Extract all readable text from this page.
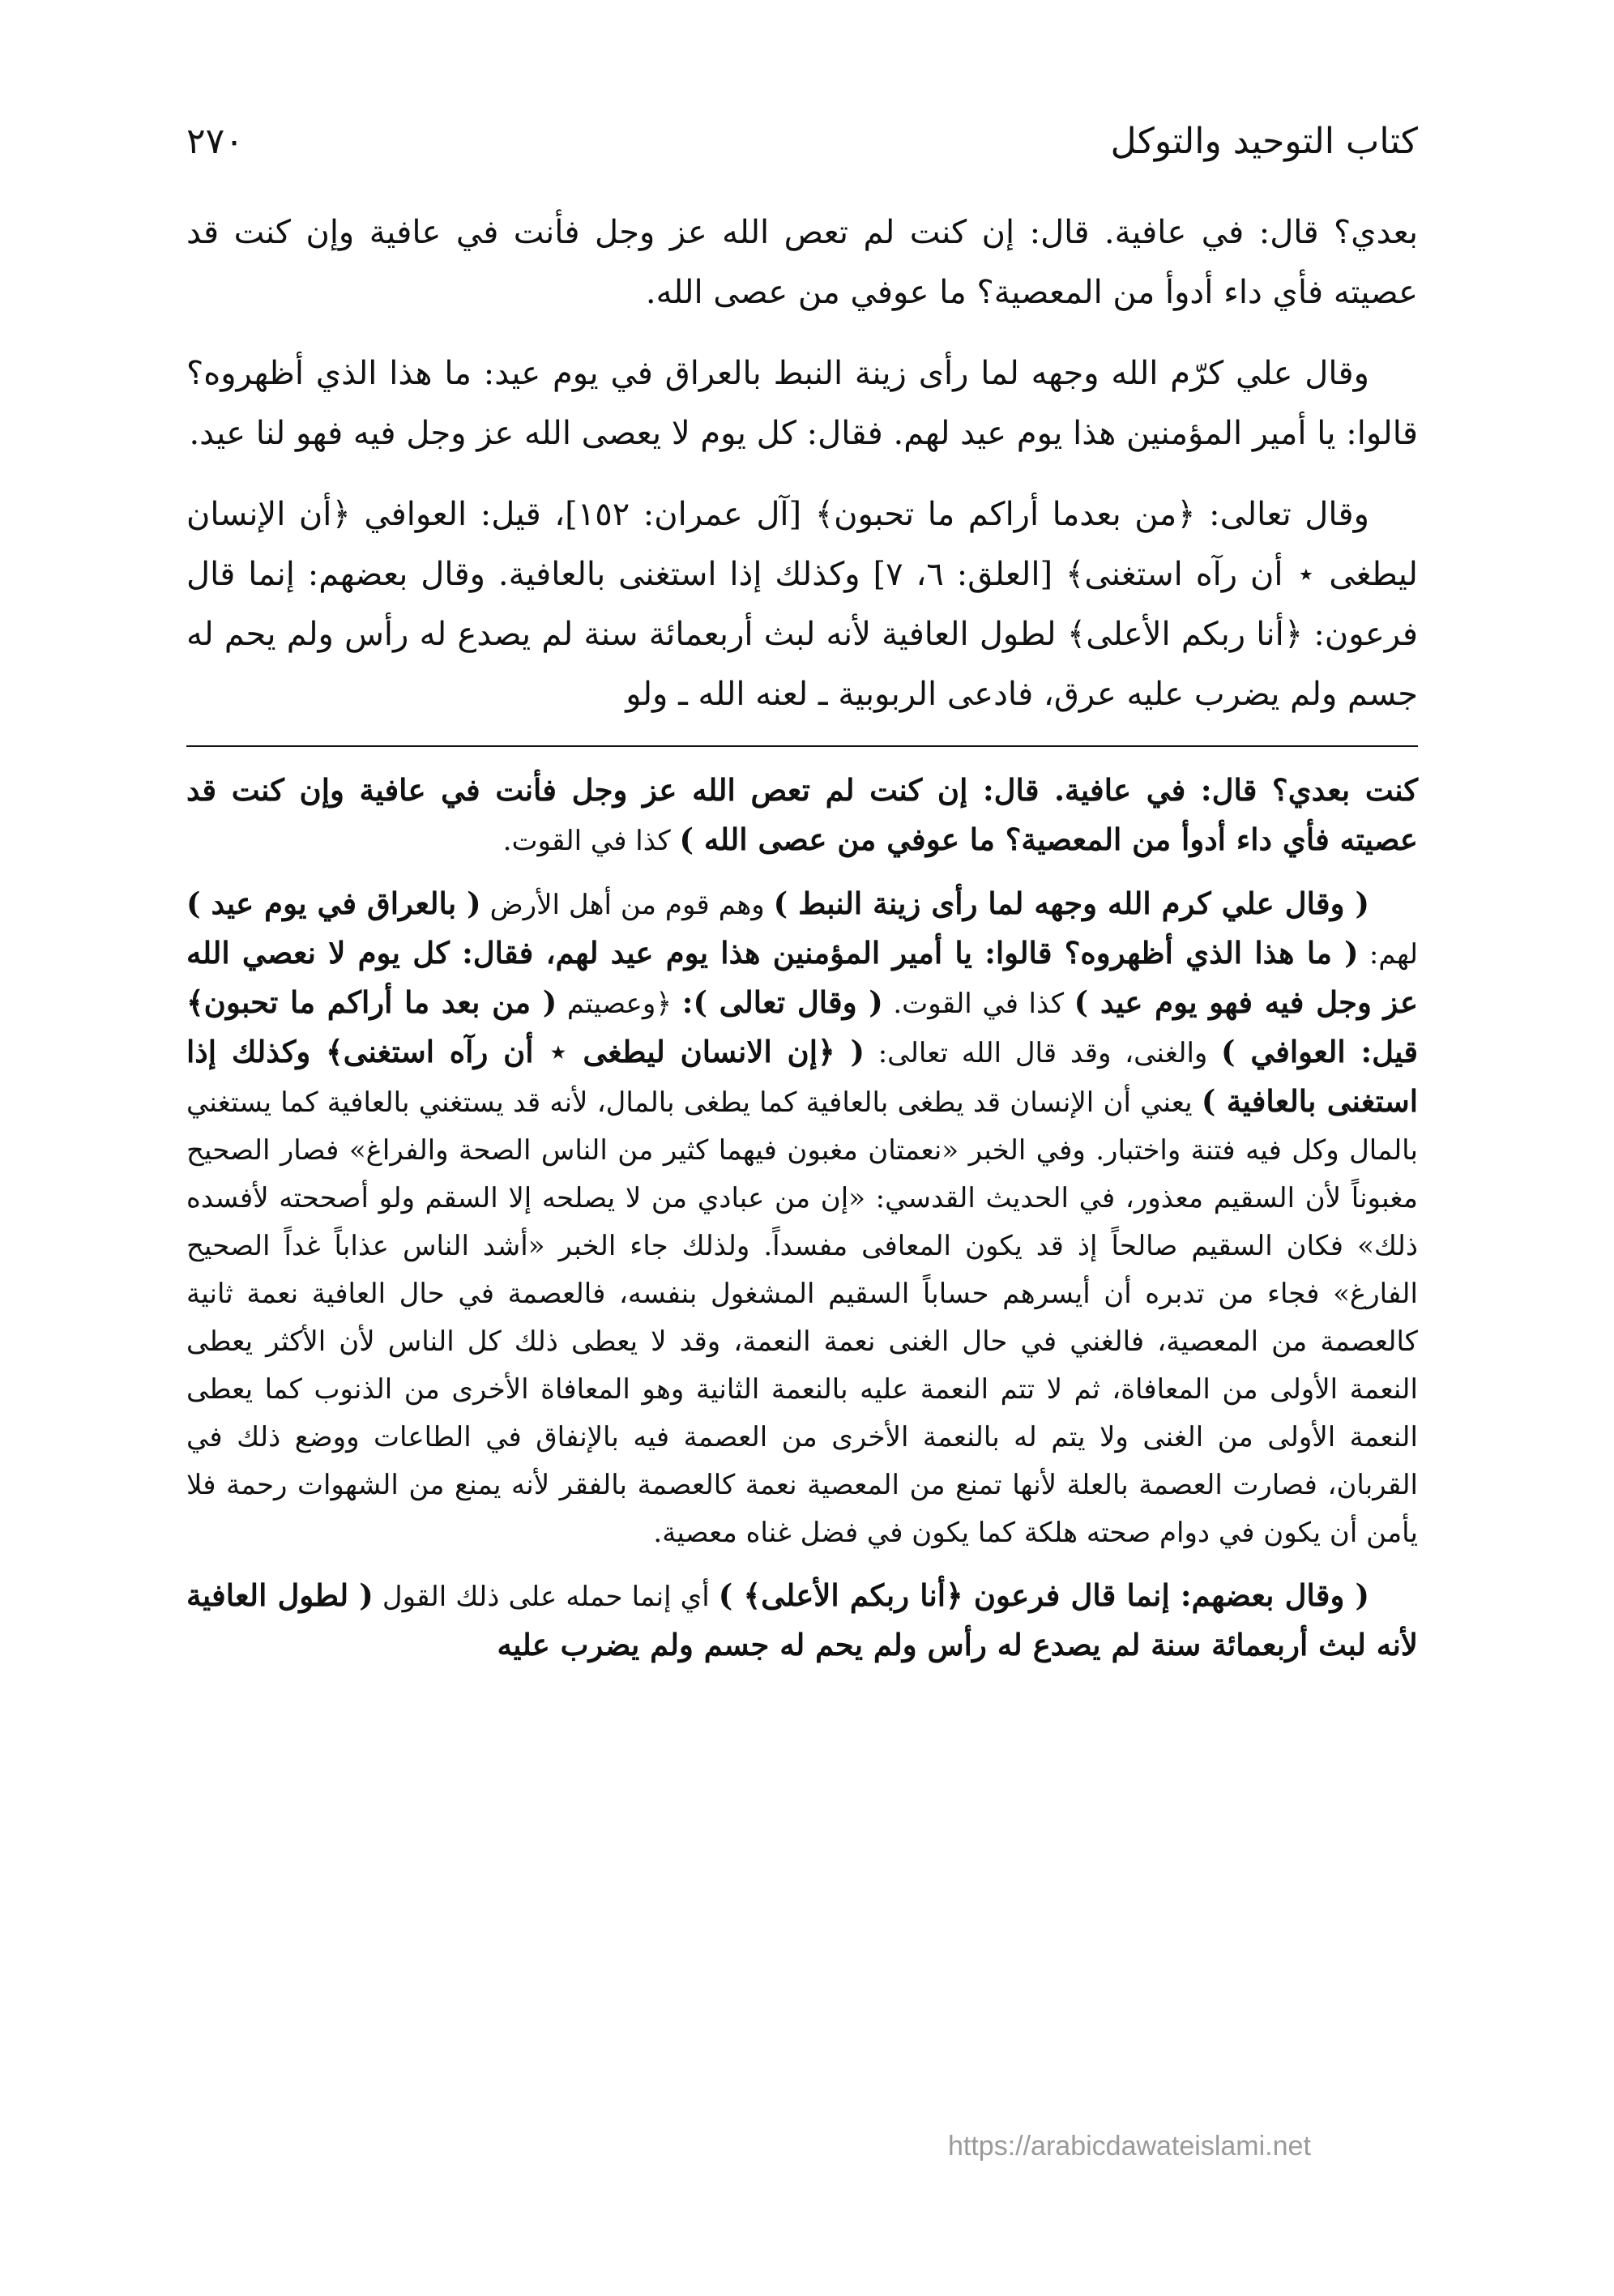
كتاب التوحيد والتوكل
٢٧٠

بعدي؟ قال: في عافية. قال: إن كنت لم تعص الله عز وجل فأنت في عافية وإن كنت قد عصيته فأي داء أدوأ من المعصية؟ ما عوفي من عصى الله.

وقال علي كرّم الله وجهه لما رأى زينة النبط بالعراق في يوم عيد: ما هذا الذي أظهروه؟ قالوا: يا أمير المؤمنين هذا يوم عيد لهم. فقال: كل يوم لا يعصى الله عز وجل فيه فهو لنا عيد.

وقال تعالى: ﴿من بعدما أراكم ما تحبون﴾ [آل عمران: ١٥٢]، قيل: العوافي ﴿أن الإنسان ليطغى ⋆ أن رآه استغنى﴾ [العلق: ٦، ٧] وكذلك إذا استغنى بالعافية. وقال بعضهم: إنما قال فرعون: ﴿أنا ربكم الأعلى﴾ لطول العافية لأنه لبث أربعمائة سنة لم يصدع له رأس ولم يحم له جسم ولم يضرب عليه عرق، فادعى الربوبية ـ لعنه الله ـ ولو

كنت بعدي؟ قال: في عافية. قال: إن كنت لم تعص الله عز وجل فأنت في عافية وإن كنت قد عصيته فأي داء أدوأ من المعصية؟ ما عوفي من عصى الله ) كذا في القوت.

( وقال علي كرم الله وجهه لما رأى زينة النبط ) وهم قوم من أهل الأرض ( بالعراق في يوم عيد ) لهم: ( ما هذا الذي أظهروه؟ قالوا: يا أمير المؤمنين هذا يوم عيد لهم، فقال: كل يوم لا نعصي الله عز وجل فيه فهو يوم عيد ) كذا في القوت. ( وقال تعالى ): ﴿وعصيتم ( من بعد ما أراكم ما تحبون﴾ قيل: العوافي ) والغنى، وقد قال الله تعالى: ( ﴿إن الانسان ليطغى ⋆ أن رآه استغنى﴾ وكذلك إذا استغنى بالعافية ) يعني أن الإنسان قد يطغى بالعافية كما يطغى بالمال، لأنه قد يستغني بالعافية كما يستغني بالمال وكل فيه فتنة واختبار. وفي الخبر «نعمتان مغبون فيهما كثير من الناس الصحة والفراغ» فصار الصحيح مغبوناً لأن السقيم معذور، في الحديث القدسي: «إن من عبادي من لا يصلحه إلا السقم ولو أصححته لأفسده ذلك» فكان السقيم صالحاً إذ قد يكون المعافى مفسداً. ولذلك جاء الخبر «أشد الناس عذاباً غداً الصحيح الفارغ» فجاء من تدبره أن أيسرهم حساباً السقيم المشغول بنفسه، فالعصمة في حال العافية نعمة ثانية كالعصمة من المعصية، فالغني في حال الغنى نعمة النعمة، وقد لا يعطى ذلك كل الناس لأن الأكثر يعطى النعمة الأولى من المعافاة، ثم لا تتم النعمة عليه بالنعمة الثانية وهو المعافاة الأخرى من الذنوب كما يعطى النعمة الأولى من الغنى ولا يتم له بالنعمة الأخرى من العصمة فيه بالإنفاق في الطاعات ووضع ذلك في القربان، فصارت العصمة بالعلة لأنها تمنع من المعصية نعمة كالعصمة بالفقر لأنه يمنع من الشهوات رحمة فلا يأمن أن يكون في دوام صحته هلكة كما يكون في فضل غناه معصية.

( وقال بعضهم: إنما قال فرعون ﴿أنا ربكم الأعلى﴾ ) أي إنما حمله على ذلك القول ( لطول العافية لأنه لبث أربعمائة سنة لم يصدع له رأس ولم يحم له جسم ولم يضرب عليه

https://arabicdawateislami.net
